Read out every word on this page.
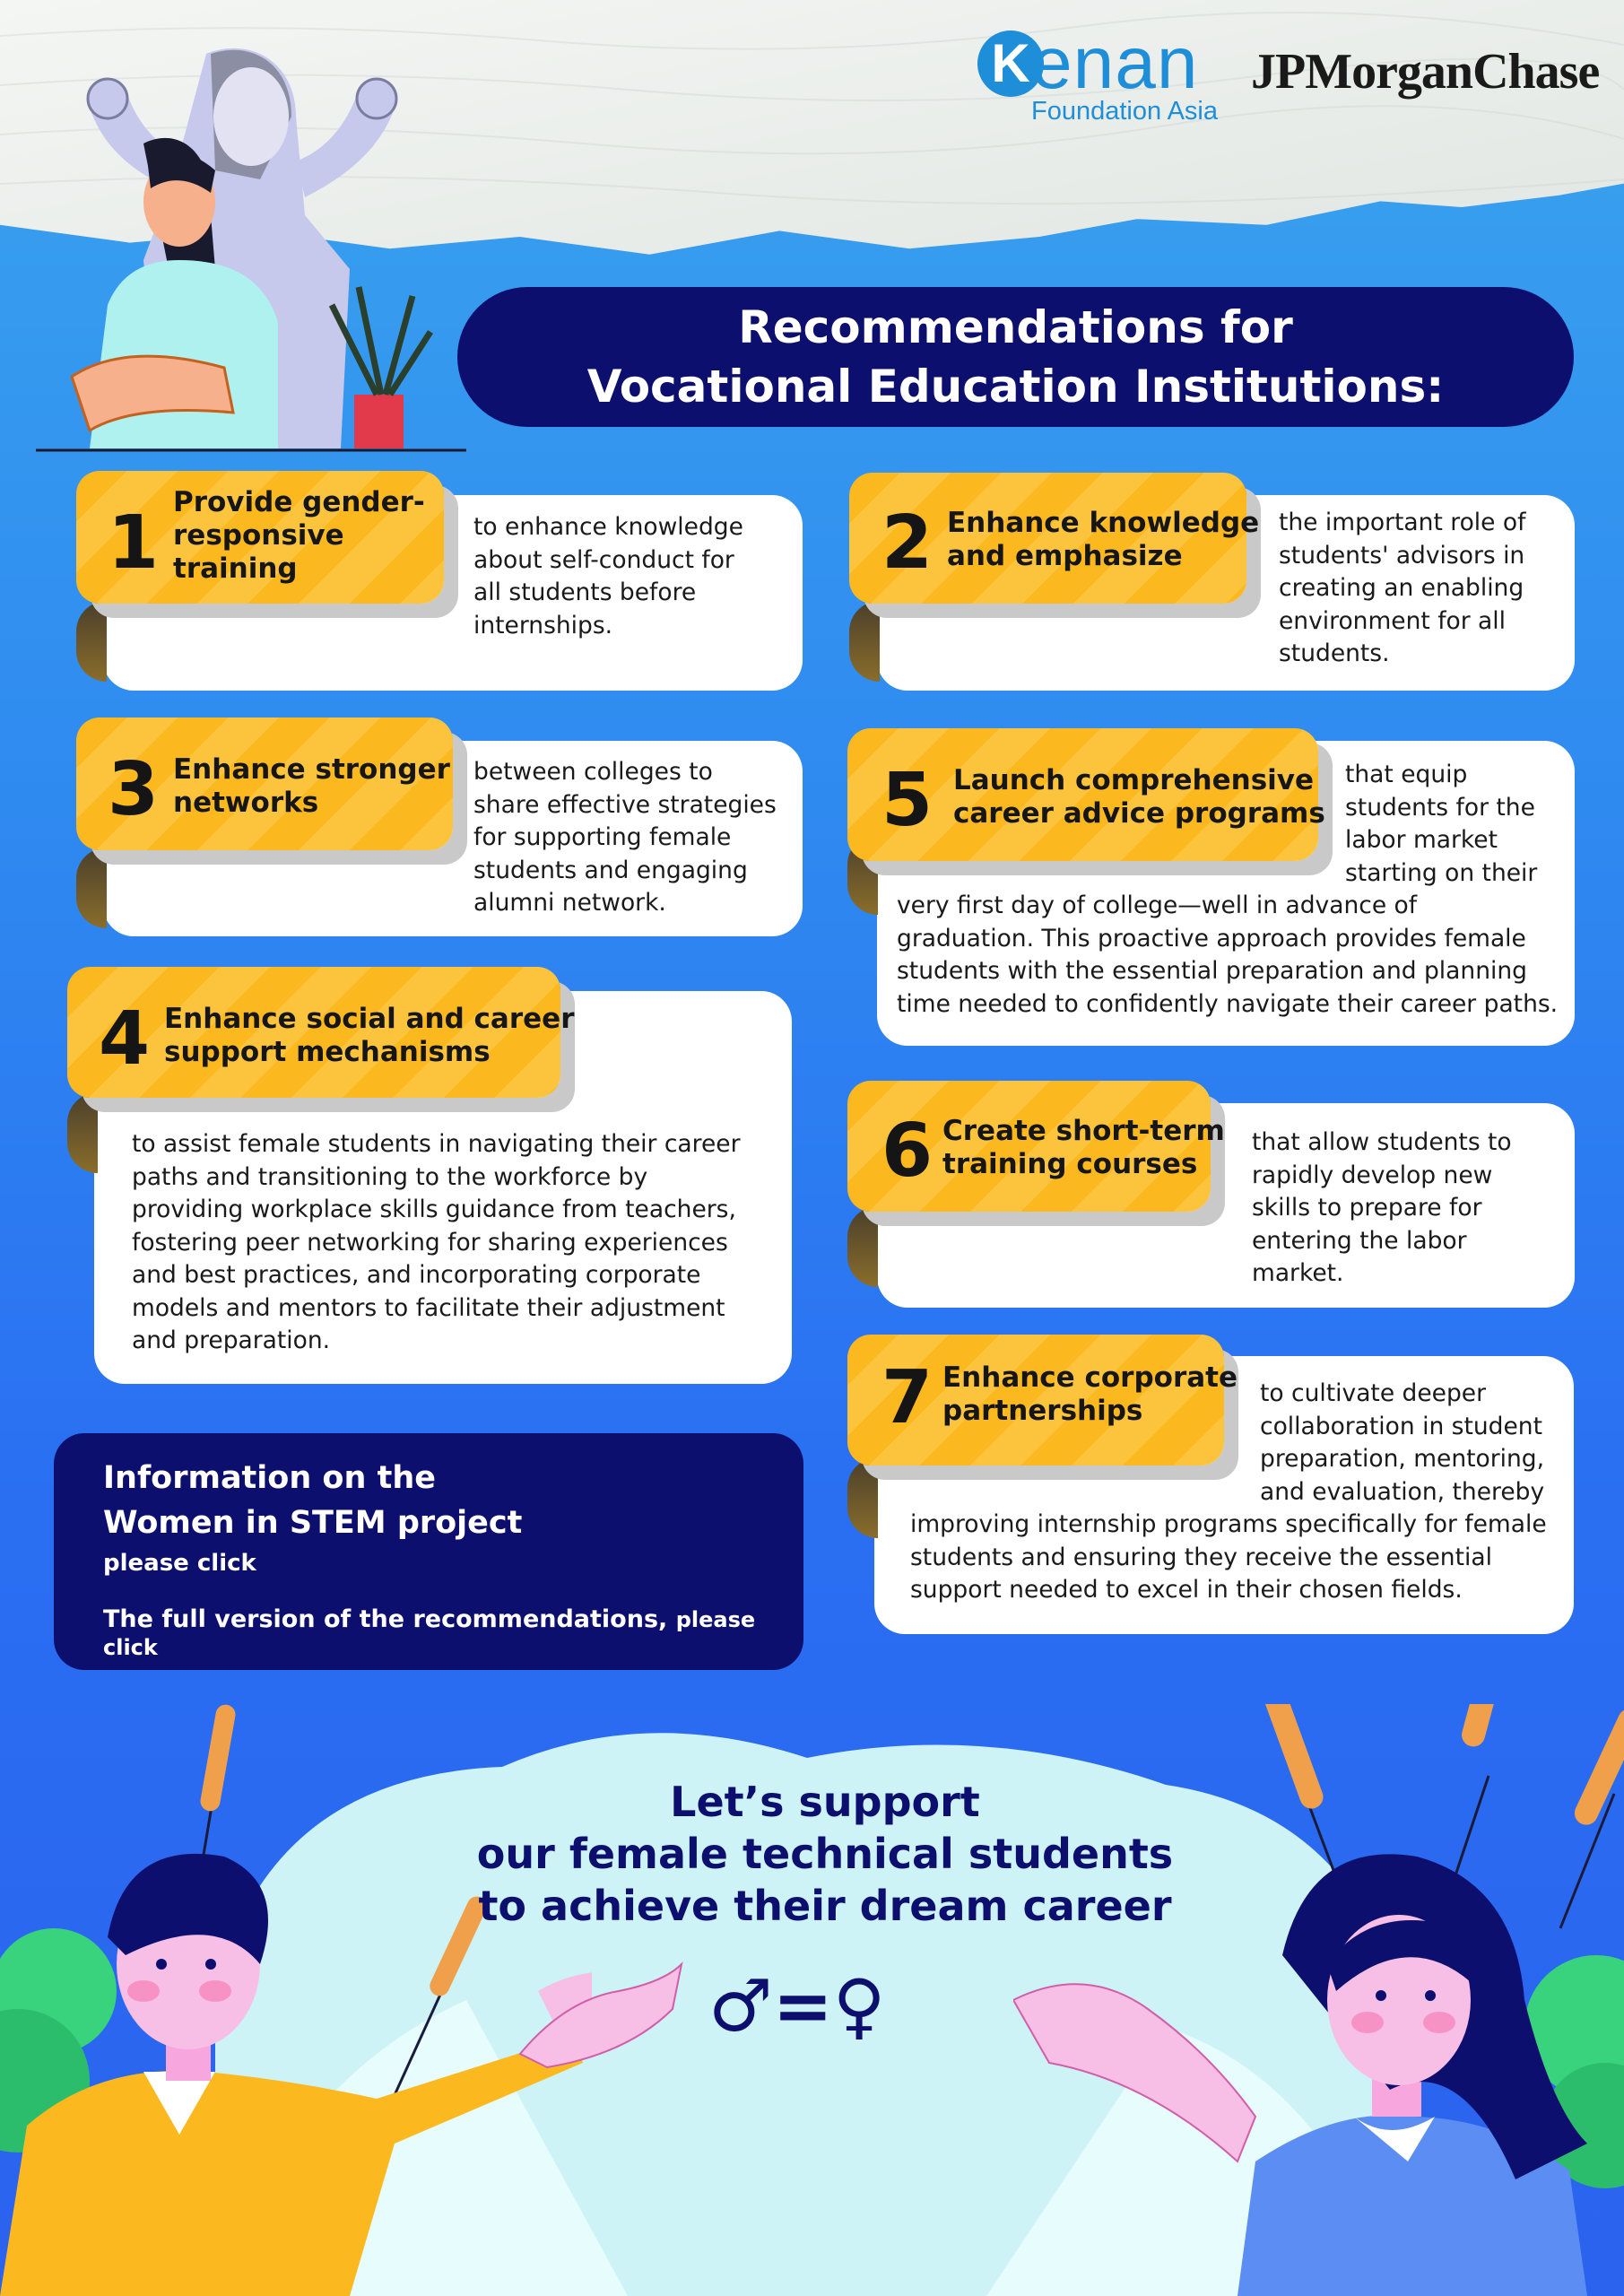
K enan
Foundation Asia
JPMorganChase
Recommendations for
Vocational Education Institutions:
1 Provide gender-
responsive
training
to enhance knowledge
about self-conduct for
all students before
internships.
2 Enhance knowledge
and emphasize
the important role of
students' advisors in
creating an enabling
environment for all
students.
3 Enhance stronger
networks
between colleges to
share effective strategies
for supporting female
students and engaging
alumni network.
4 Enhance social and career
support mechanisms
to assist female students in navigating their career
paths and transitioning to the workforce by
providing workplace skills guidance from teachers,
fostering peer networking for sharing experiences
and best practices, and incorporating corporate
models and mentors to facilitate their adjustment
and preparation.
5 Launch comprehensive
career advice programs
that equip
students for the
labor market
starting on their
very first day of college—well in advance of
graduation. This proactive approach provides female
students with the essential preparation and planning
time needed to confidently navigate their career paths.
6 Create short-term
training courses
that allow students to
rapidly develop new
skills to prepare for
entering the labor
market.
7 Enhance corporate
partnerships
to cultivate deeper
collaboration in student
preparation, mentoring,
and evaluation, thereby
improving internship programs specifically for female
students and ensuring they receive the essential
support needed to excel in their chosen fields.
Information on the
Women in STEM project
please click
The full version of the recommendations, please click
Let’s support
our female technical students
to achieve their dream career
♂=♀
